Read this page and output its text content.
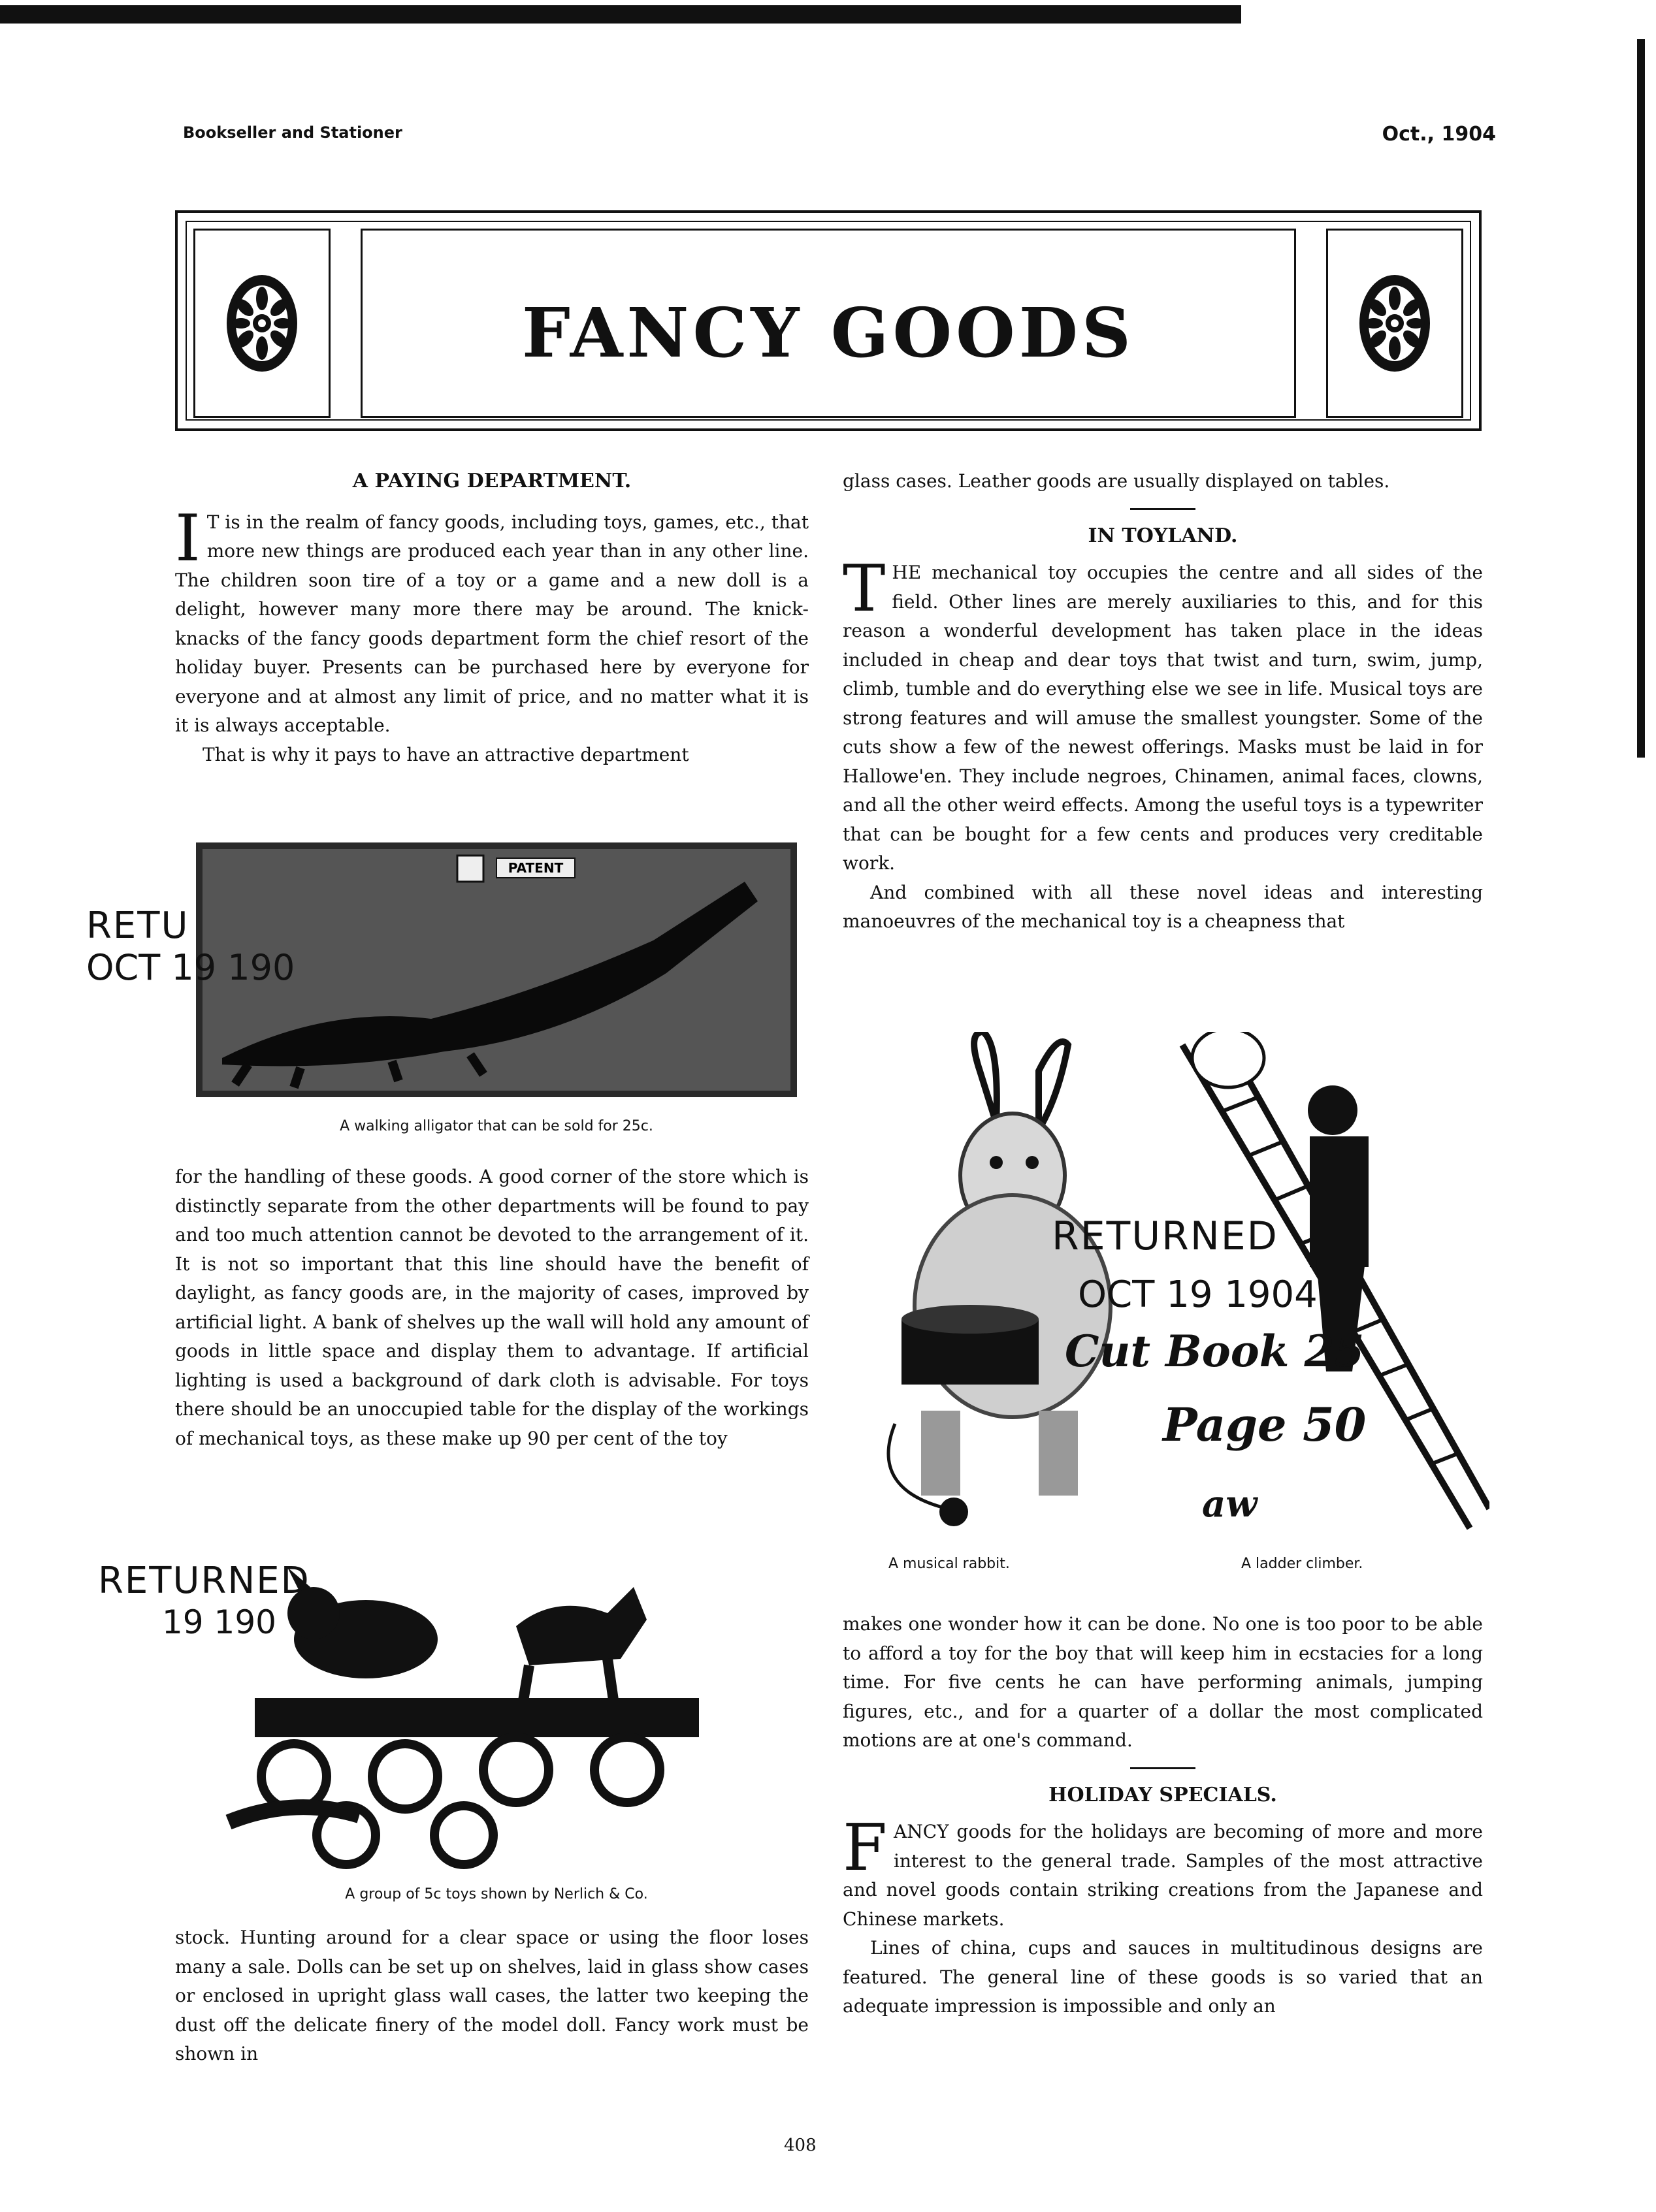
Bookseller and Stationer	Oct., 1904
FANCY GOODS

A PAYING DEPARTMENT.

I T is in the realm of fancy goods, including toys, games, etc., that more new things are produced each year than in any other line. The children soon tire of a toy or a game and a new doll is a delight, however many more there may be around. The knick-knacks of the fancy goods department form the chief resort of the holiday buyer. Presents can be purchased here by everyone for everyone and at almost any limit of price, and no matter what it is it is always acceptable.

That is why it pays to have an attractive department

PATENT
RETU
OCT 19 190
A walking alligator that can be sold for 25c.

for the handling of these goods. A good corner of the store which is distinctly separate from the other departments will be found to pay and too much attention cannot be devoted to the arrangement of it. It is not so important that this line should have the benefit of daylight, as fancy goods are, in the majority of cases, improved by artificial light. A bank of shelves up the wall will hold any amount of goods in little space and display them to advantage. If artificial lighting is used a background of dark cloth is advisable. For toys there should be an unoccupied table for the display of the workings of mechanical toys, as these make up 90 per cent of the toy

RETURNED
19 190
A group of 5c toys shown by Nerlich & Co.

stock. Hunting around for a clear space or using the floor loses many a sale. Dolls can be set up on shelves, laid in glass show cases or enclosed in upright glass wall cases, the latter two keeping the dust off the delicate finery of the model doll. Fancy work must be shown in

glass cases. Leather goods are usually displayed on tables.

IN TOYLAND.

THE mechanical toy occupies the centre and all sides of the field. Other lines are merely auxiliaries to this, and for this reason a wonderful development has taken place in the ideas included in cheap and dear toys that twist and turn, swim, jump, climb, tumble and do everything else we see in life. Musical toys are strong features and will amuse the smallest youngster. Some of the cuts show a few of the newest offerings. Masks must be laid in for Hallowe'en. They include negroes, Chinamen, animal faces, clowns, and all the other weird effects. Among the useful toys is a typewriter that can be bought for a few cents and produces very creditable work.

And combined with all these novel ideas and interesting manoeuvres of the mechanical toy is a cheapness that

RETURNED
OCT 19 1904
Cut Book 25
Page 50
aw
A musical rabbit.	A ladder climber.

makes one wonder how it can be done. No one is too poor to be able to afford a toy for the boy that will keep him in ecstacies for a long time. For five cents he can have performing animals, jumping figures, etc., and for a quarter of a dollar the most complicated motions are at one's command.

HOLIDAY SPECIALS.

FANCY goods for the holidays are becoming of more and more interest to the general trade. Samples of the most attractive and novel goods contain striking creations from the Japanese and Chinese markets.

Lines of china, cups and sauces in multitudinous designs are featured. The general line of these goods is so varied that an adequate impression is impossible and only an

408
